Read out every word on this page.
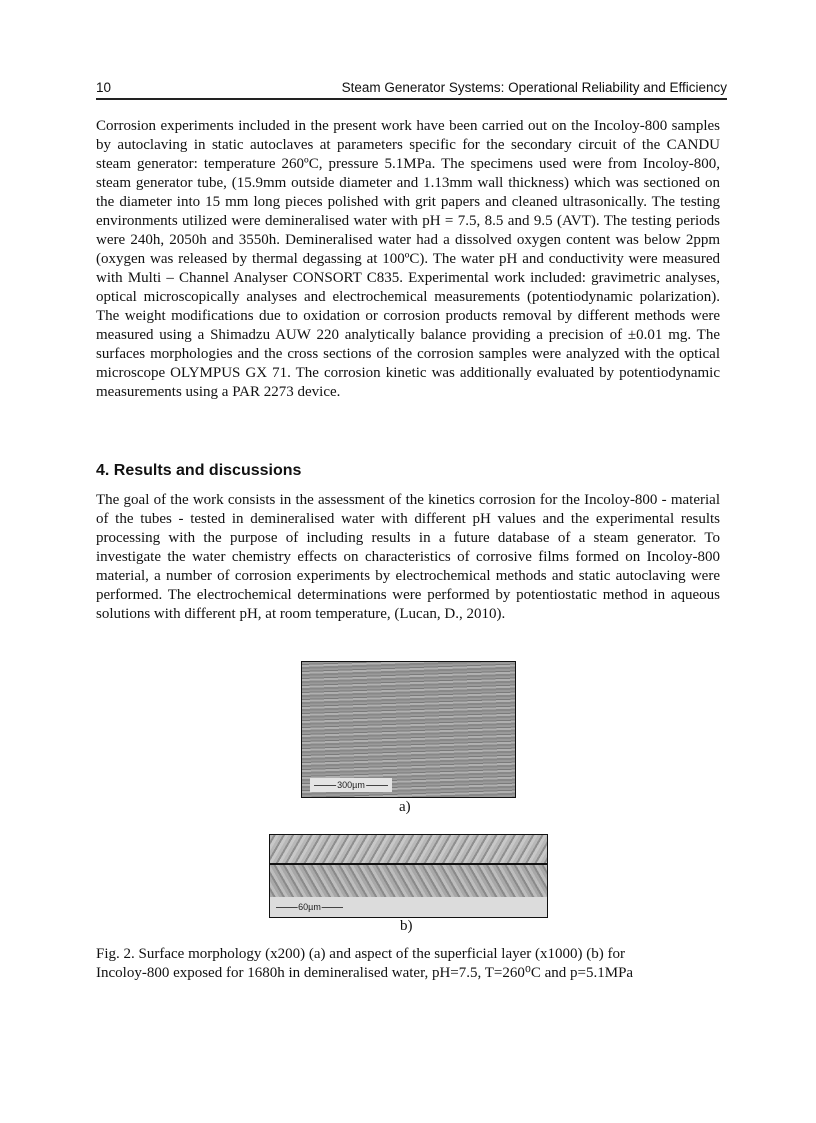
10	Steam Generator Systems: Operational Reliability and Efficiency
Corrosion experiments included in the present work have been carried out on the Incoloy-800 samples by autoclaving in static autoclaves at parameters specific for the secondary circuit of the CANDU steam generator: temperature 260ºC, pressure 5.1MPa. The specimens used were from Incoloy-800, steam generator tube, (15.9mm outside diameter and 1.13mm wall thickness) which was sectioned on the diameter into 15 mm long pieces polished with grit papers and cleaned ultrasonically. The testing environments utilized were demineralised water with pH = 7.5, 8.5 and 9.5 (AVT). The testing periods were 240h, 2050h and 3550h. Demineralised water had a dissolved oxygen content was below 2ppm (oxygen was released by thermal degassing at 100ºC). The water pH and conductivity were measured with Multi – Channel Analyser CONSORT C835. Experimental work included: gravimetric analyses, optical microscopically analyses and electrochemical measurements (potentiodynamic polarization). The weight modifications due to oxidation or corrosion products removal by different methods were measured using a Shimadzu AUW 220 analytically balance providing a precision of ±0.01 mg. The surfaces morphologies and the cross sections of the corrosion samples were analyzed with the optical microscope OLYMPUS GX 71. The corrosion kinetic was additionally evaluated by potentiodynamic measurements using a PAR 2273 device.
4. Results and discussions
The goal of the work consists in the assessment of the kinetics corrosion for the Incoloy-800 - material of the tubes - tested in demineralised water with different pH values and the experimental results processing with the purpose of including results in a future database of a steam generator. To investigate the water chemistry effects on characteristics of corrosive films formed on Incoloy-800 material, a number of corrosion experiments by electrochemical methods and static autoclaving were performed. The electrochemical determinations were performed by potentiostatic method in aqueous solutions with different pH, at room temperature, (Lucan, D., 2010).
300µm
a)
60µm
b)
Fig. 2. Surface morphology (x200) (a) and aspect of the superficial layer (x1000) (b) for
Incoloy-800 exposed for 1680h in demineralised water, pH=7.5, T=260⁰C and p=5.1MPa
